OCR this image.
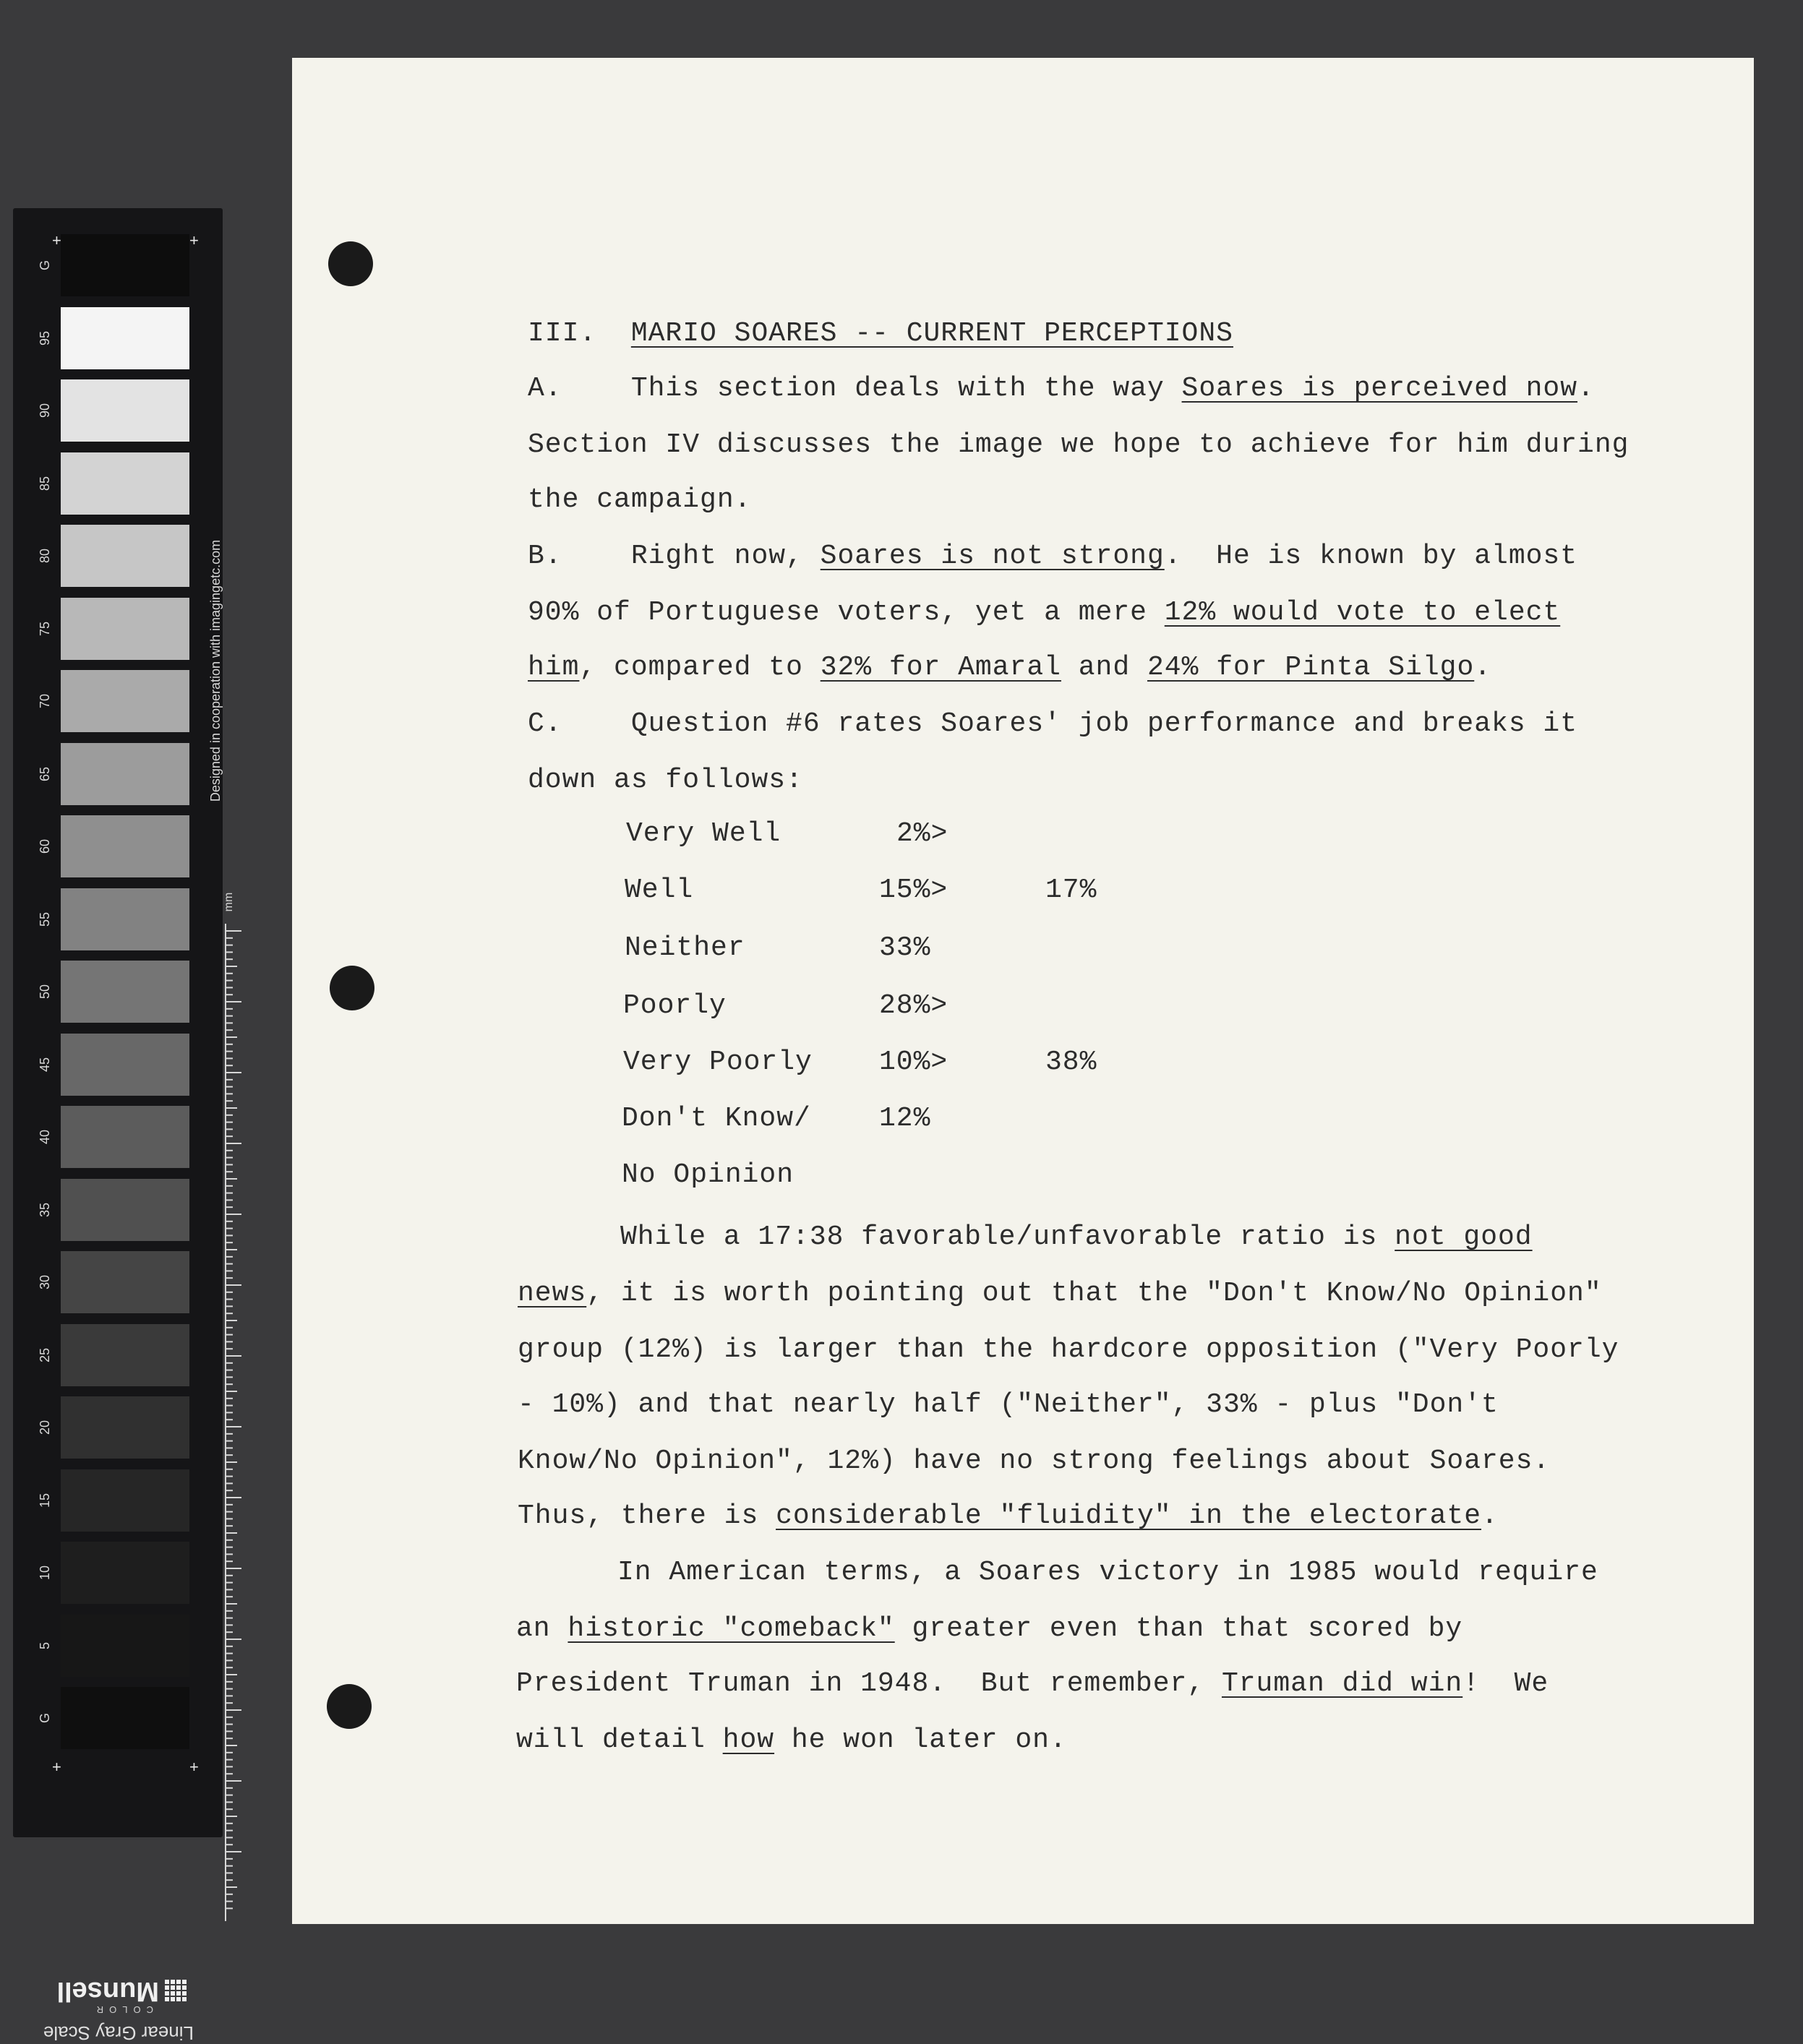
G
95
90
85
80
75
70
65
60
55
50
45
40
35
30
25
20
15
10
5
G
+	+
+	+
Designed in cooperation with imagingetc.com
mm
Linear Gray Scale
Munsell
COLOR
III. MARIO SOARES -- CURRENT PERCEPTIONS
A.	This section deals with the way Soares is perceived now.
Section IV discusses the image we hope to achieve for him during
the campaign.
B.	Right now, Soares is not strong.  He is known by almost
90% of Portuguese voters, yet a mere 12% would vote to elect
him, compared to 32% for Amaral and 24% for Pinta Silgo.
C.	Question #6 rates Soares' job performance and breaks it
down as follows:
Very Well	2%>
Well	15%>	17%
Neither	33%
Poorly	28%>
Very Poorly 10%>	38%
Don't Know/ 12%
No Opinion
While a 17:38 favorable/unfavorable ratio is not good
news, it is worth pointing out that the "Don't Know/No Opinion"
group (12%) is larger than the hardcore opposition ("Very Poorly
- 10%) and that nearly half ("Neither", 33% - plus "Don't
Know/No Opinion", 12%) have no strong feelings about Soares.
Thus, there is considerable "fluidity" in the electorate.
In American terms, a Soares victory in 1985 would require
an historic "comeback" greater even than that scored by
President Truman in 1948.  But remember, Truman did win!  We
will detail how he won later on.
